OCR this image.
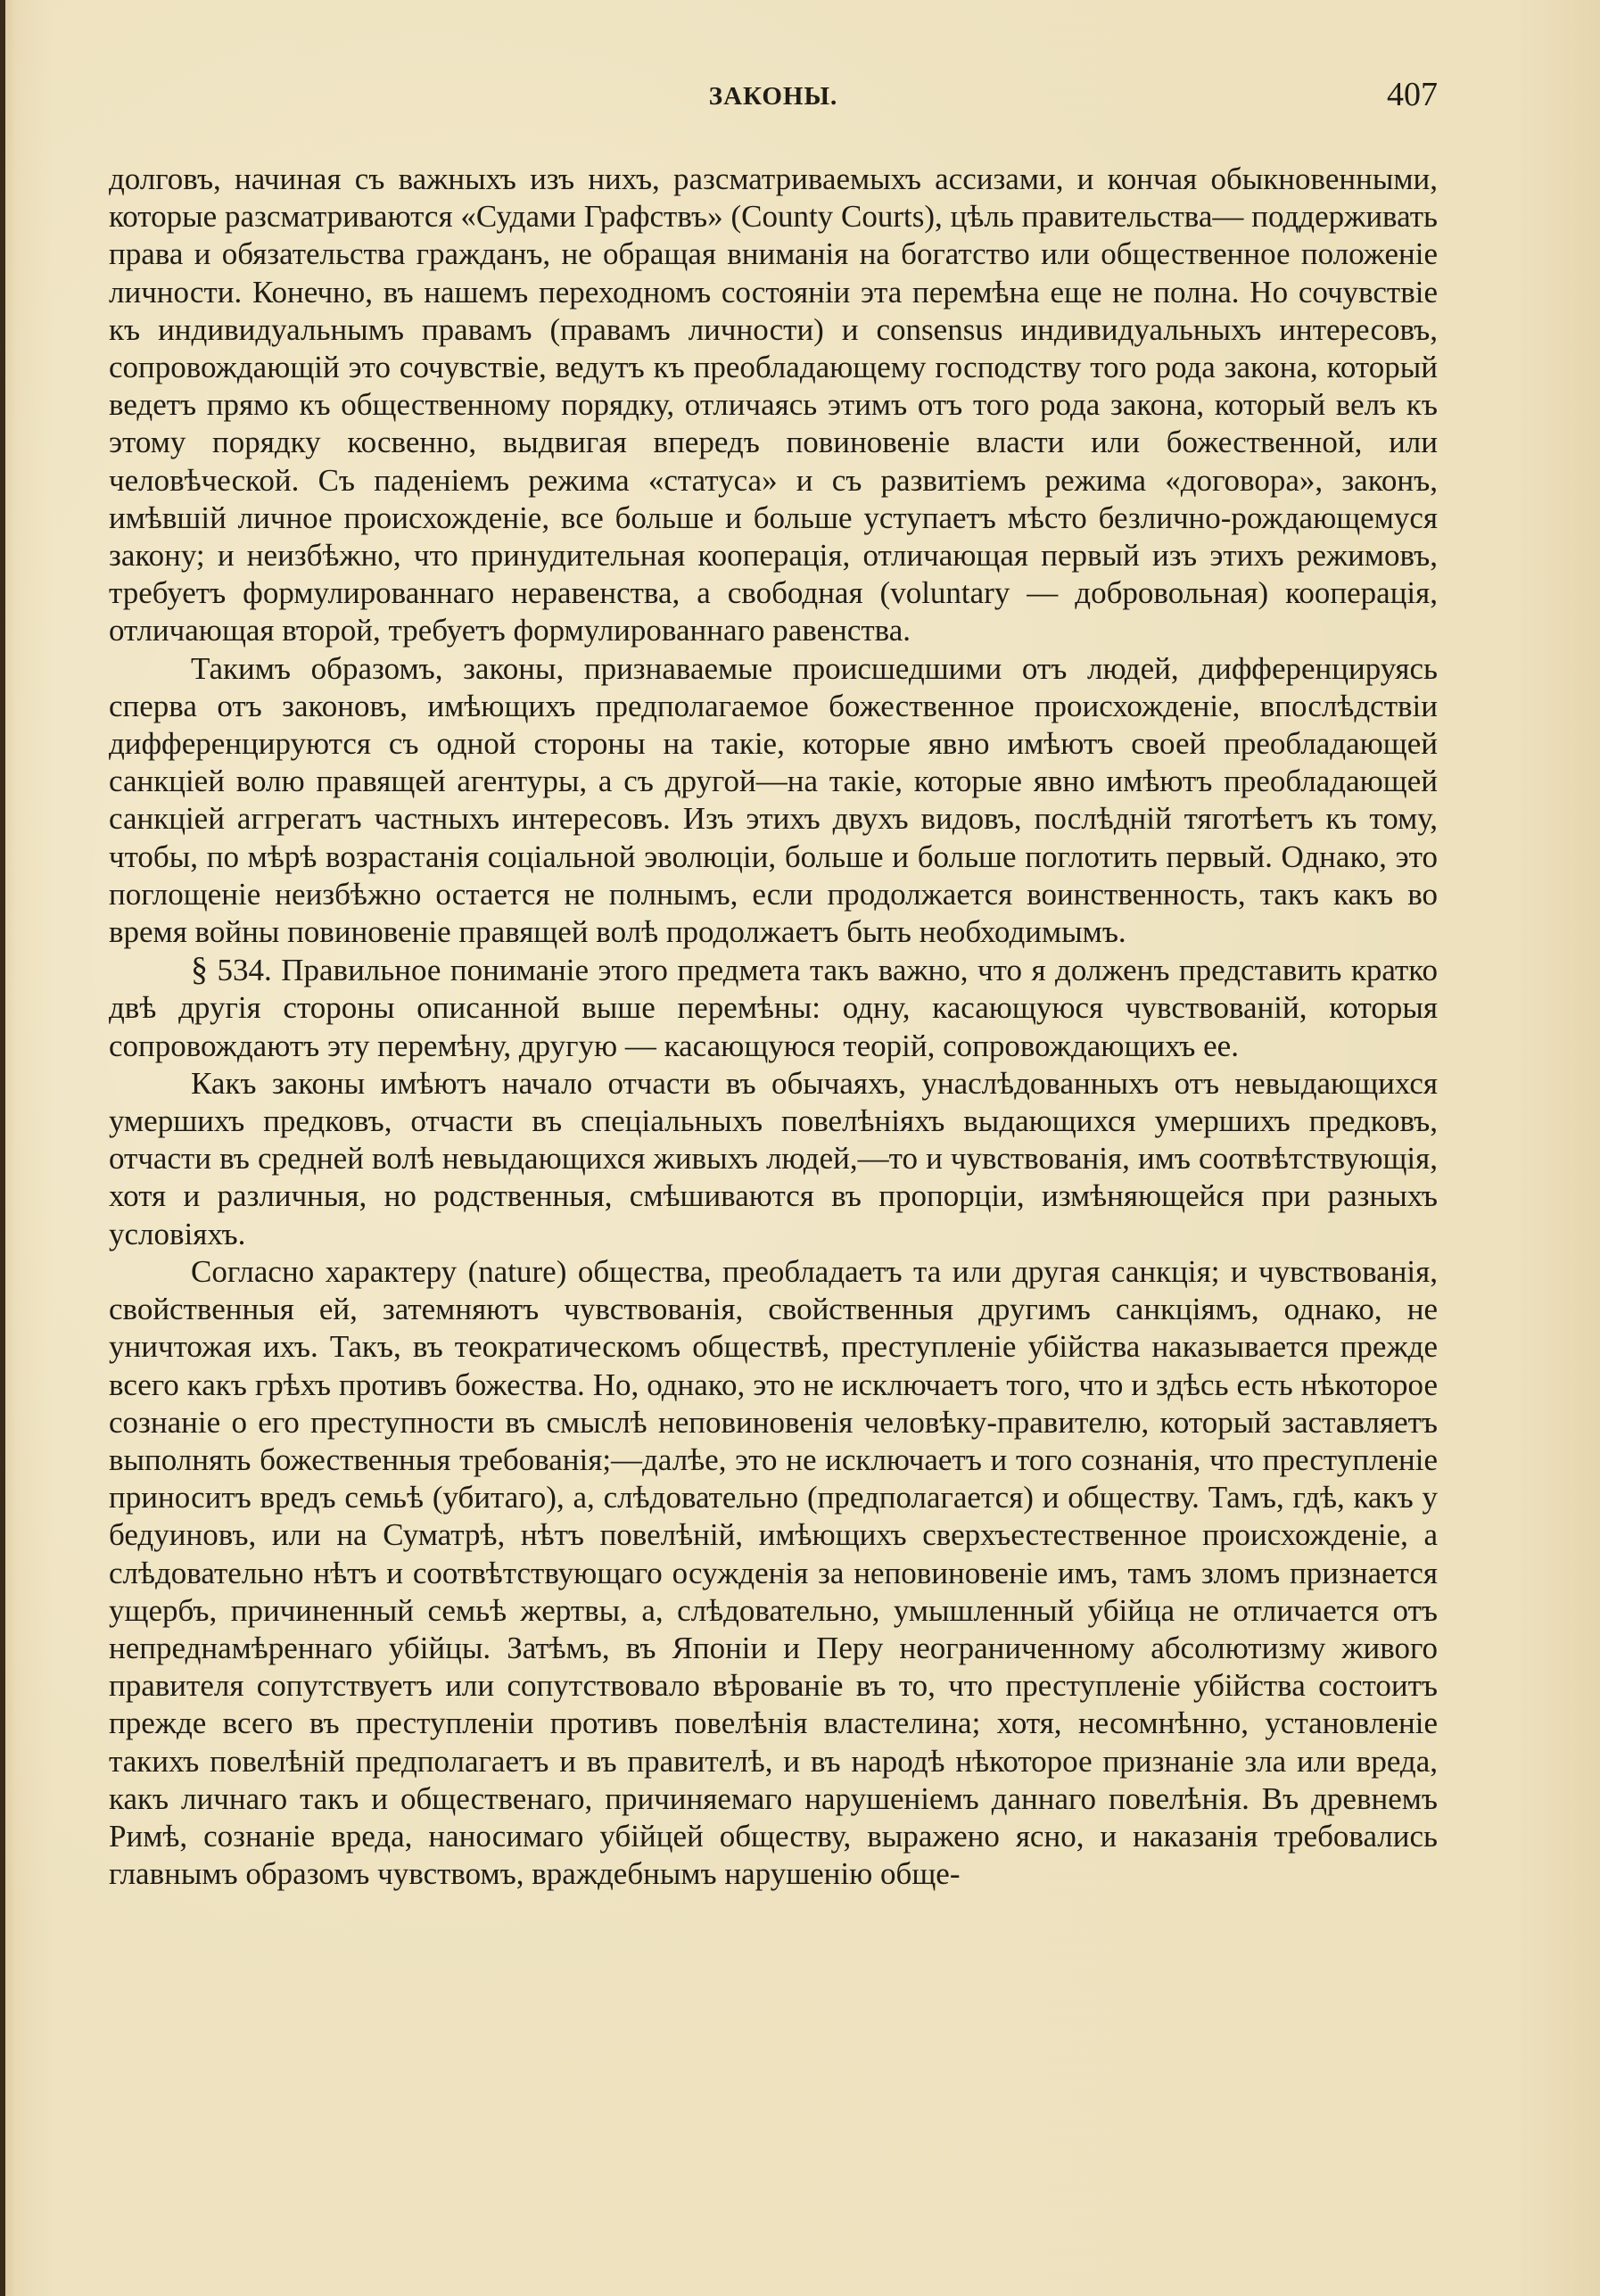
ЗАКОНЫ.	407

долговъ, начиная съ важныхъ изъ нихъ, разсматриваемыхъ ассизами, и кончая обыкновенными, которые разсматриваются «Судами Графствъ» (County Courts), цѣль правительства— поддерживать права и обязательства гражданъ, не обращая вниманія на богатство или общественное положеніе личности. Конечно, въ нашемъ переходномъ состояніи эта перемѣна еще не полна. Но сочувствіе къ индивидуальнымъ правамъ (правамъ личности) и consensus индивидуальныхъ интересовъ, сопровождающій это сочувствіе, ведутъ къ преобладающему господству того рода закона, который ведетъ прямо къ общественному порядку, отличаясь этимъ отъ того рода закона, который велъ къ этому порядку косвенно, выдвигая впередъ повиновеніе власти или божественной, или человѣческой. Съ паденіемъ режима «статуса» и съ развитіемъ режима «договора», законъ, имѣвшій личное происхожденіе, все больше и больше уступаетъ мѣсто безлично-рождающемуся закону; и неизбѣжно, что принудительная кооперація, отличающая первый изъ этихъ режимовъ, требуетъ формулированнаго неравенства, а свободная (voluntary — добровольная) кооперація, отличающая второй, требуетъ формулированнаго равенства.

Такимъ образомъ, законы, признаваемые происшедшими отъ людей, дифференцируясь сперва отъ законовъ, имѣющихъ предполагаемое божественное происхожденіе, впослѣдствіи дифференцируются съ одной стороны на такіе, которые явно имѣютъ своей преобладающей санкціей волю правящей агентуры, а съ другой—на такіе, которые явно имѣютъ преобладающей санкціей аггрегатъ частныхъ интересовъ. Изъ этихъ двухъ видовъ, послѣдній тяготѣетъ къ тому, чтобы, по мѣрѣ возрастанія соціальной эволюціи, больше и больше поглотить первый. Однако, это поглощеніе неизбѣжно остается не полнымъ, если продолжается воинственность, такъ какъ во время войны повиновеніе правящей волѣ продолжаетъ быть необходимымъ.

§ 534. Правильное пониманіе этого предмета такъ важно, что я долженъ представить кратко двѣ другія стороны описанной выше перемѣны: одну, касающуюся чувствованій, которыя сопровождаютъ эту перемѣну, другую — касающуюся теорій, сопровождающихъ ее.

Какъ законы имѣютъ начало отчасти въ обычаяхъ, унаслѣдованныхъ отъ невыдающихся умершихъ предковъ, отчасти въ спеціальныхъ повелѣніяхъ выдающихся умершихъ предковъ, отчасти въ средней волѣ невыдающихся живыхъ людей,—то и чувствованія, имъ соотвѣтствующія, хотя и различныя, но родственныя, смѣшиваются въ пропорціи, измѣняющейся при разныхъ условіяхъ.

Согласно характеру (nature) общества, преобладаетъ та или другая санкція; и чувствованія, свойственныя ей, затемняютъ чувствованія, свойственныя другимъ санкціямъ, однако, не уничтожая ихъ. Такъ, въ теократическомъ обществѣ, преступленіе убійства наказывается прежде всего какъ грѣхъ противъ божества. Но, однако, это не исключаетъ того, что и здѣсь есть нѣкоторое сознаніе о его преступности въ смыслѣ неповиновенія человѣку-правителю, который заставляетъ выполнять божественныя требованія;—далѣе, это не исключаетъ и того сознанія, что преступленіе приноситъ вредъ семьѣ (убитаго), а, слѣдовательно (предполагается) и обществу. Тамъ, гдѣ, какъ у бедуиновъ, или на Суматрѣ, нѣтъ повелѣній, имѣющихъ сверхъестественное происхожденіе, а слѣдовательно нѣтъ и соотвѣтствующаго осужденія за неповиновеніе имъ, тамъ зломъ признается ущербъ, причиненный семьѣ жертвы, а, слѣдовательно, умышленный убійца не отличается отъ непреднамѣреннаго убійцы. Затѣмъ, въ Японіи и Перу неограниченному абсолютизму живого правителя сопутствуетъ или сопутствовало вѣрованіе въ то, что преступленіе убійства состоитъ прежде всего въ преступленіи противъ повелѣнія властелина; хотя, несомнѣнно, установленіе такихъ повелѣній предполагаетъ и въ правителѣ, и въ народѣ нѣкоторое признаніе зла или вреда, какъ личнаго такъ и общественаго, причиняемаго нарушеніемъ даннаго повелѣнія. Въ древнемъ Римѣ, сознаніе вреда, наносимаго убійцей обществу, выражено ясно, и наказанія требовались главнымъ образомъ чувствомъ, враждебнымъ нарушенію обще-
